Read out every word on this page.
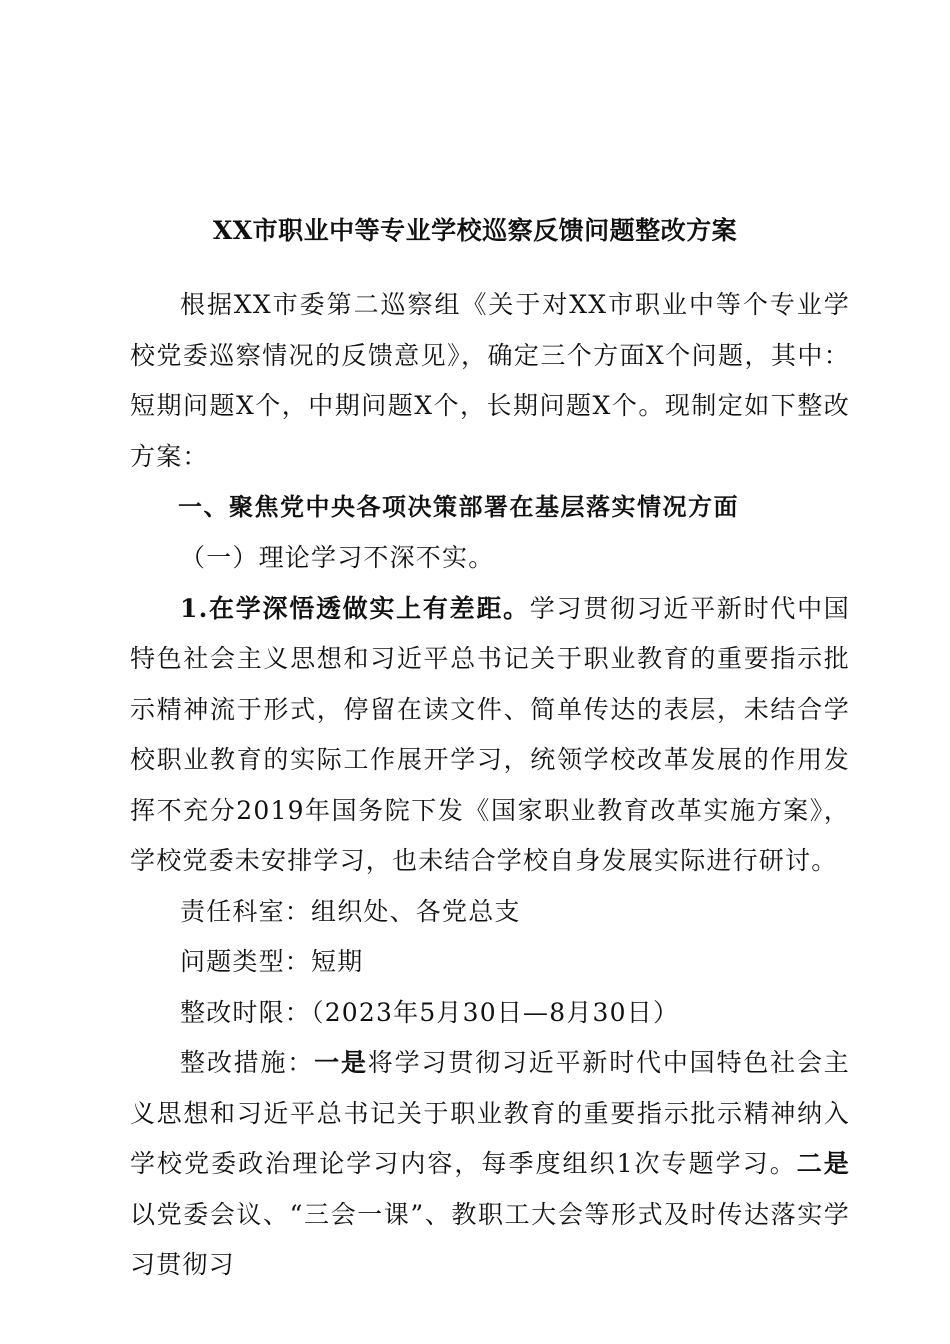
XX市职业中等专业学校巡察反馈问题整改方案

根据XX市委第二巡察组《关于对XX市职业中等个专业学校党委巡察情况的反馈意见》，确定三个方面X个问题，其中：短期问题X个，中期问题X个，长期问题X个。现制定如下整改方案：

一、聚焦党中央各项决策部署在基层落实情况方面

（一）理论学习不深不实。

1.在学深悟透做实上有差距。学习贯彻习近平新时代中国特色社会主义思想和习近平总书记关于职业教育的重要指示批示精神流于形式，停留在读文件、简单传达的表层，未结合学校职业教育的实际工作展开学习，统领学校改革发展的作用发挥不充分2019年国务院下发《国家职业教育改革实施方案》，学校党委未安排学习，也未结合学校自身发展实际进行研讨。

责任科室：组织处、各党总支

问题类型：短期

整改时限：（2023年5月30日—8月30日）

整改措施：一是将学习贯彻习近平新时代中国特色社会主义思想和习近平总书记关于职业教育的重要指示批示精神纳入学校党委政治理论学习内容，每季度组织1次专题学习。二是以党委会议、“三会一课”、教职工大会等形式及时传达落实学习贯彻习
